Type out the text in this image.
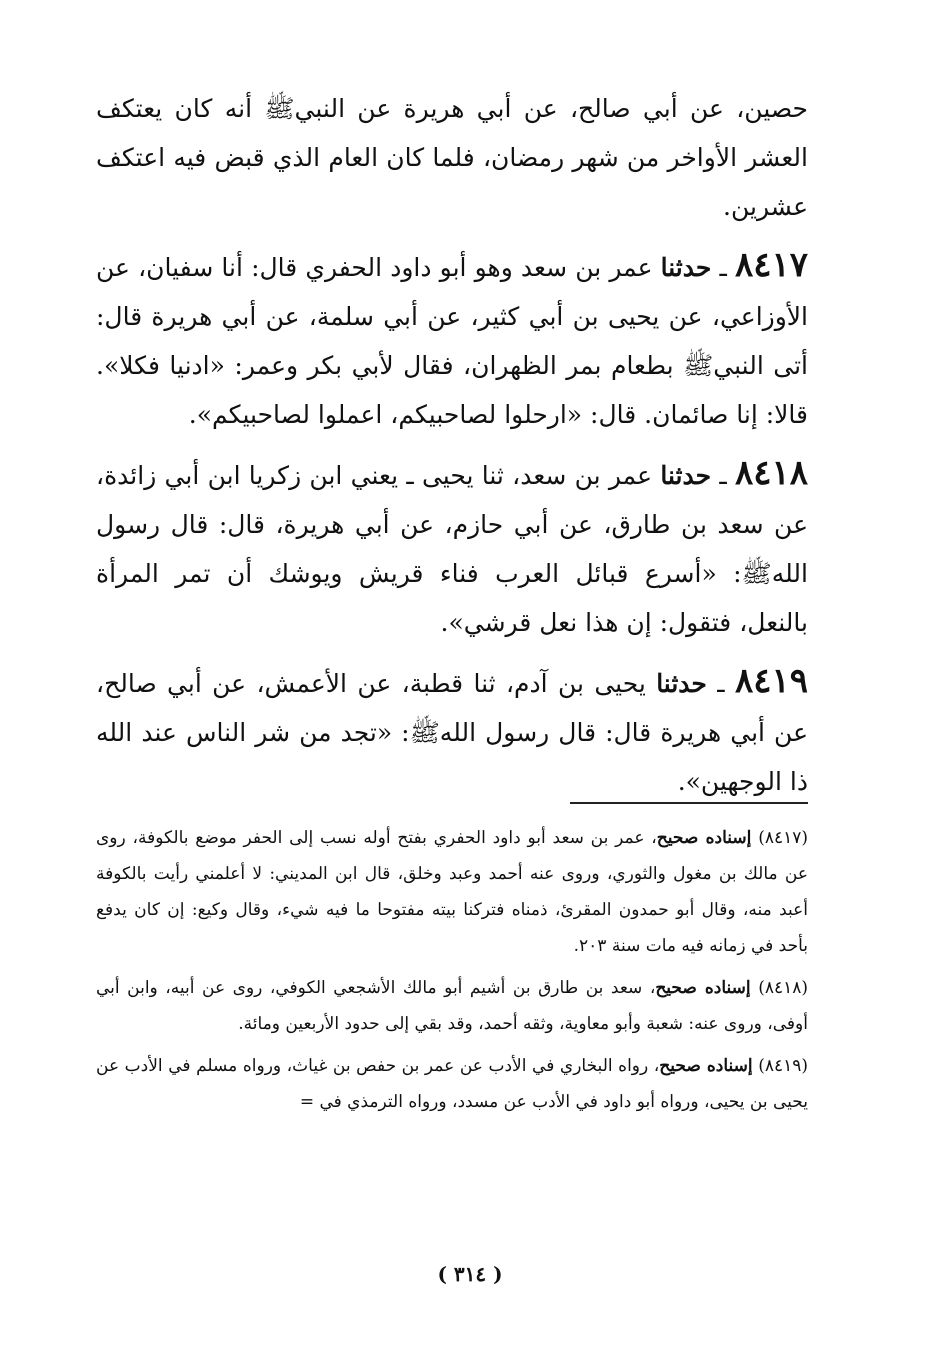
حصين، عن أبي صالح، عن أبي هريرة عن النبيﷺ أنه كان يعتكف العشر الأواخر من شهر رمضان، فلما كان العام الذي قبض فيه اعتكف عشرين.

٨٤١٧ ـ حدثنا عمر بن سعد وهو أبو داود الحفري قال: أنا سفيان، عن الأوزاعي، عن يحيى بن أبي كثير، عن أبي سلمة، عن أبي هريرة قال: أتى النبيﷺ بطعام بمر الظهران، فقال لأبي بكر وعمر: «ادنيا فكلا». قالا: إنا صائمان. قال: «ارحلوا لصاحبيكم، اعملوا لصاحبيكم».

٨٤١٨ ـ حدثنا عمر بن سعد، ثنا يحيى ـ يعني ابن زكريا ابن أبي زائدة، عن سعد بن طارق، عن أبي حازم، عن أبي هريرة، قال: قال رسول اللهﷺ: «أسرع قبائل العرب فناء قريش ويوشك أن تمر المرأة بالنعل، فتقول: إن هذا نعل قرشي».

٨٤١٩ ـ حدثنا يحيى بن آدم، ثنا قطبة، عن الأعمش، عن أبي صالح، عن أبي هريرة قال: قال رسول اللهﷺ: «تجد من شر الناس عند الله ذا الوجهين».

(٨٤١٧) إسناده صحيح، عمر بن سعد أبو داود الحفري بفتح أوله نسب إلى الحفر موضع بالكوفة، روى عن مالك بن مغول والثوري، وروى عنه أحمد وعبد وخلق، قال ابن المديني: لا أعلمني رأيت بالكوفة أعبد منه، وقال أبو حمدون المقرئ، ذمناه فتركنا بيته مفتوحا ما فيه شيء، وقال وكيع: إن كان يدفع بأحد في زمانه فيه مات سنة ٢٠٣.

(٨٤١٨) إسناده صحيح، سعد بن طارق بن أشيم أبو مالك الأشجعي الكوفي، روى عن أبيه، وابن أبي أوفى، وروى عنه: شعبة وأبو معاوية، وثقه أحمد، وقد بقي إلى حدود الأربعين ومائة.

(٨٤١٩) إسناده صحيح، رواه البخاري في الأدب عن عمر بن حفص بن غياث، ورواه مسلم في الأدب عن يحيى بن يحيى، ورواه أبو داود في الأدب عن مسدد، ورواه الترمذي في =

( ٣١٤ )
